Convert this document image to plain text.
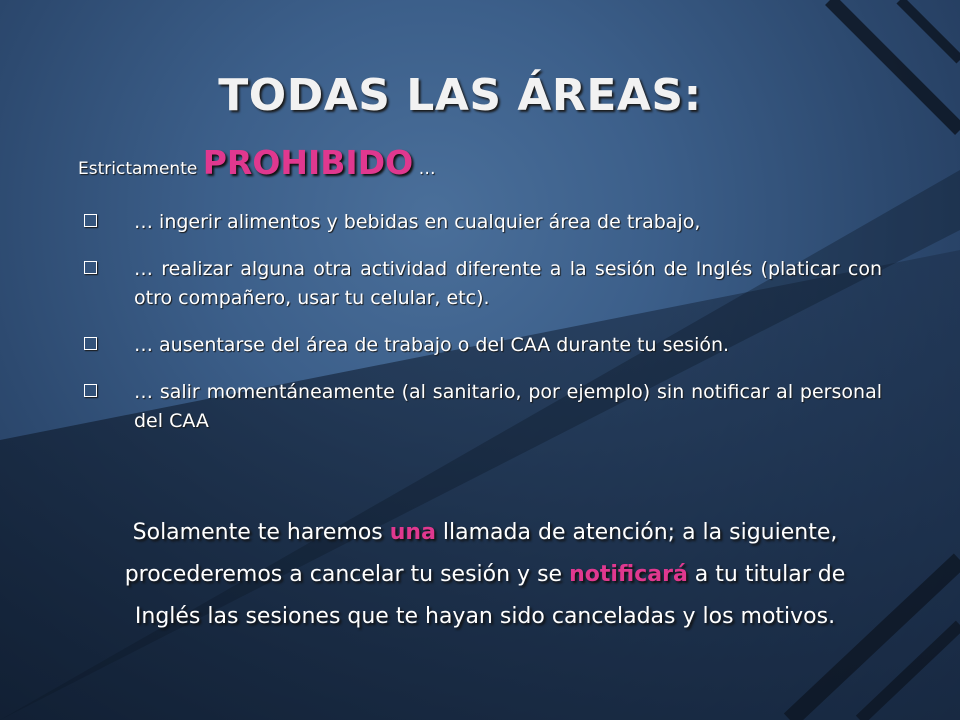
TODAS LAS ÁREAS:
Estrictamente PROHIBIDO …
… ingerir alimentos y bebidas en cualquier área de trabajo,
… realizar alguna otra actividad diferente a la sesión de Inglés (platicar con otro compañero, usar tu celular, etc).
… ausentarse del área de trabajo o del CAA durante tu sesión.
… salir momentáneamente (al sanitario, por ejemplo) sin notificar al personal del CAA
Solamente te haremos una llamada de atención; a la siguiente, procederemos a cancelar tu sesión y se notificará a tu titular de Inglés las sesiones que te hayan sido canceladas y los motivos.
